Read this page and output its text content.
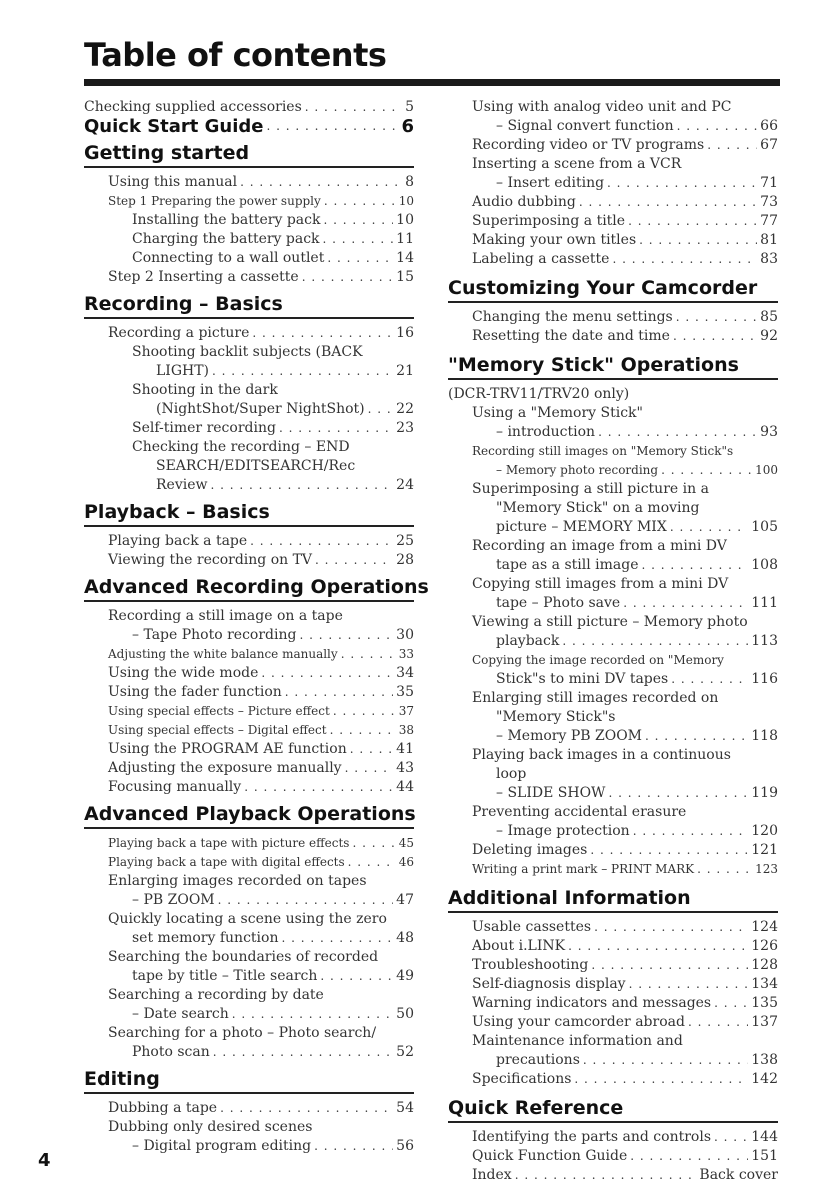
Table of contents
Checking supplied accessories . . .	5
Quick Start Guide . . .	6
Getting started
Using this manual . . .	8
Step 1 Preparing the power supply . . .	10
Installing the battery pack . . .	10
Charging the battery pack . . .	11
Connecting to a wall outlet . . .	14
Step 2 Inserting a cassette . . .	15
Recording – Basics
Recording a picture . . .	16
Shooting backlit subjects (BACK
LIGHT) . . .	21
Shooting in the dark
(NightShot/Super NightShot) . . . 22
Self-timer recording . . .	23
Checking the recording – END
SEARCH/EDITSEARCH/Rec
Review . . .	24
Playback – Basics
Playing back a tape . . .	25
Viewing the recording on TV . . .	28
Advanced Recording Operations
Recording a still image on a tape
– Tape Photo recording . . .	30
Adjusting the white balance manually . . .	33
Using the wide mode . . .	34
Using the fader function . . .	35
Using special effects – Picture effect . . .	37
Using special effects – Digital effect . . .	38
Using the PROGRAM AE function . . .	41
Adjusting the exposure manually . . .	43
Focusing manually . . .	44
Advanced Playback Operations
Playing back a tape with picture effects . . .	45
Playing back a tape with digital effects . . .	46
Enlarging images recorded on tapes
– PB ZOOM . . .	47
Quickly locating a scene using the zero
set memory function . . .	48
Searching the boundaries of recorded
tape by title – Title search . . .	49
Searching a recording by date
– Date search . . .	50
Searching for a photo – Photo search/
Photo scan . . .	52
Editing
Dubbing a tape . . .	54
Dubbing only desired scenes
– Digital program editing . . .	56
Using with analog video unit and PC
– Signal convert function . . .	66
Recording video or TV programs . . .	67
Inserting a scene from a VCR
– Insert editing . . .	71
Audio dubbing . . .	73
Superimposing a title . . .	77
Making your own titles . . .	81
Labeling a cassette . . .	83
Customizing Your Camcorder
Changing the menu settings . . .	85
Resetting the date and time . . .	92
"Memory Stick" Operations
(DCR-TRV11/TRV20 only)
Using a "Memory Stick"
– introduction . . .	93
Recording still images on "Memory Stick"s
– Memory photo recording . . .	100
Superimposing a still picture in a
"Memory Stick" on a moving
picture – MEMORY MIX . . .	105
Recording an image from a mini DV
tape as a still image . . .	108
Copying still images from a mini DV
tape – Photo save . . .	111
Viewing a still picture – Memory photo
playback . . .	113
Copying the image recorded on "Memory
Stick"s to mini DV tapes . . .	116
Enlarging still images recorded on
"Memory Stick"s
– Memory PB ZOOM . . .	118
Playing back images in a continuous
loop
– SLIDE SHOW . . .	119
Preventing accidental erasure
– Image protection . . .	120
Deleting images . . .	121
Writing a print mark – PRINT MARK . . .	123
Additional Information
Usable cassettes . . .	124
About i.LINK . . .	126
Troubleshooting . . .	128
Self-diagnosis display . . .	134
Warning indicators and messages . . .	135
Using your camcorder abroad . . .	137
Maintenance information and
precautions . . .	138
Specifications . . .	142
Quick Reference
Identifying the parts and controls . . .	144
Quick Function Guide . . .	151
Index . . .	Back cover
4
